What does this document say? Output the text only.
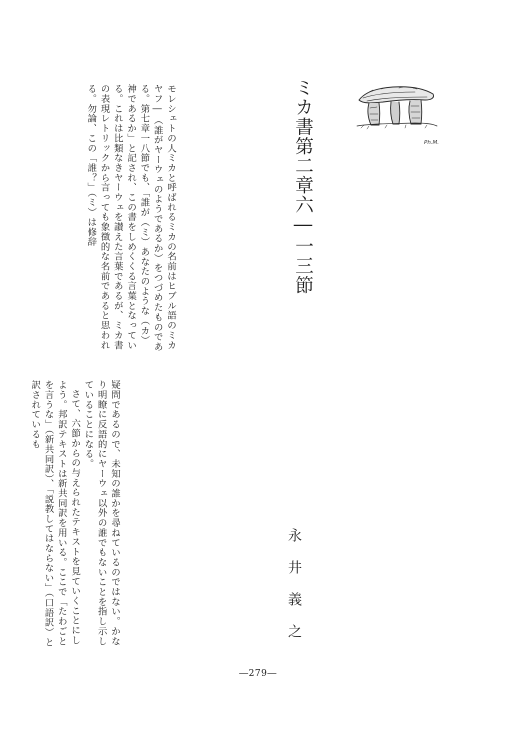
Ph.M.
ミカ書第二章六―一三節
永井義之
モレシェトの人ミカと呼ばれるミカの名前はヒブル語のミカヤフ―（誰がヤーウェのようであるか）をつづめたものである。第七章一八節でも、「誰が（ミ）あなたのような（カ）神であるか」と記され、この書をしめくくる言葉となっている。これは比類なきヤーウェを讃えた言葉であるが、ミカ書の表現レトリックから言っても象徴的な名前であると思われる。勿論、この「誰？」（ミ）は修辞
疑問であるので、未知の誰かを尋ねているのではない。かなり明瞭に反語的にヤーウェ以外の誰でもないことを指し示していることになる。
さて、六節からの与えられたテキストを見ていくことにしよう。邦訳テキストは新共同訳を用いる。ここで「たわごとを言うな」（新共同訳）、「説教してはならない」（口語訳）と訳されているも
―279―
